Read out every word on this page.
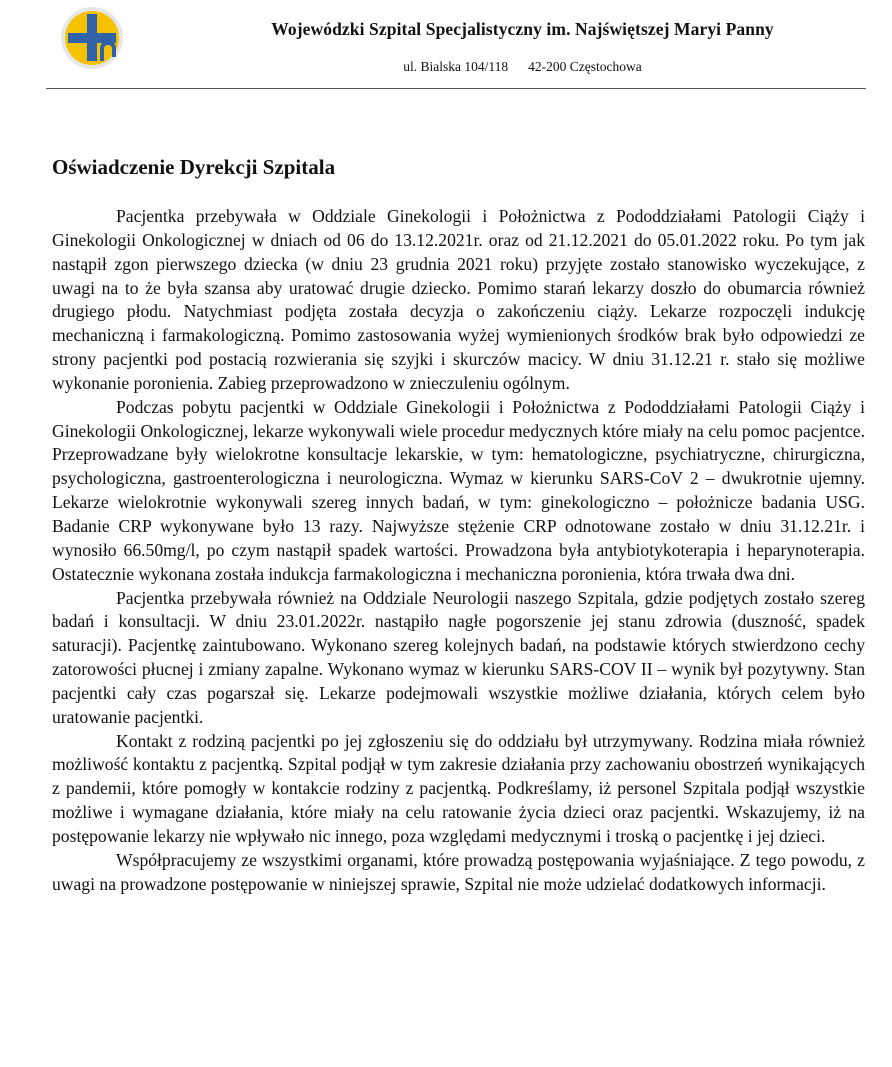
Wojewódzki Szpital Specjalistyczny im. Najświętszej Maryi Panny
ul. Bialska 104/118 42-200 Częstochowa
Oświadczenie Dyrekcji Szpitala

Pacjentka przebywała w Oddziale Ginekologii i Położnictwa z Pododdziałami Patologii Ciąży i Ginekologii Onkologicznej w dniach od 06 do 13.12.2021r. oraz od 21.12.2021 do 05.01.2022 roku. Po tym jak nastąpił zgon pierwszego dziecka (w dniu 23 grudnia 2021 roku) przyjęte zostało stanowisko wyczekujące, z uwagi na to że była szansa aby uratować drugie dziecko. Pomimo starań lekarzy doszło do obumarcia również drugiego płodu. Natychmiast podjęta została decyzja o zakończeniu ciąży. Lekarze rozpoczęli indukcję mechaniczną i farmakologiczną. Pomimo zastosowania wyżej wymienionych środków brak było odpowiedzi ze strony pacjentki pod postacią rozwierania się szyjki i skurczów macicy. W dniu 31.12.21 r. stało się możliwe wykonanie poronienia. Zabieg przeprowadzono w znieczuleniu ogólnym.

Podczas pobytu pacjentki w Oddziale Ginekologii i Położnictwa z Pododdziałami Patologii Ciąży i Ginekologii Onkologicznej, lekarze wykonywali wiele procedur medycznych które miały na celu pomoc pacjentce. Przeprowadzane były wielokrotne konsultacje lekarskie, w tym: hematologiczne, psychiatryczne, chirurgiczna, psychologiczna, gastroenterologiczna i neurologiczna. Wymaz w kierunku SARS-CoV 2 – dwukrotnie ujemny. Lekarze wielokrotnie wykonywali szereg innych badań, w tym: ginekologiczno – położnicze badania USG. Badanie CRP wykonywane było 13 razy. Najwyższe stężenie CRP odnotowane zostało w dniu 31.12.21r. i wynosiło 66.50mg/l, po czym nastąpił spadek wartości. Prowadzona była antybiotykoterapia i heparynoterapia. Ostatecznie wykonana została indukcja farmakologiczna i mechaniczna poronienia, która trwała dwa dni.

Pacjentka przebywała również na Oddziale Neurologii naszego Szpitala, gdzie podjętych zostało szereg badań i konsultacji. W dniu 23.01.2022r. nastąpiło nagłe pogorszenie jej stanu zdrowia (duszność, spadek saturacji). Pacjentkę zaintubowano. Wykonano szereg kolejnych badań, na podstawie których stwierdzono cechy zatorowości płucnej i zmiany zapalne. Wykonano wymaz w kierunku SARS-COV II – wynik był pozytywny. Stan pacjentki cały czas pogarszał się. Lekarze podejmowali wszystkie możliwe działania, których celem było uratowanie pacjentki.

Kontakt z rodziną pacjentki po jej zgłoszeniu się do oddziału był utrzymywany. Rodzina miała również możliwość kontaktu z pacjentką. Szpital podjął w tym zakresie działania przy zachowaniu obostrzeń wynikających z pandemii, które pomogły w kontakcie rodziny z pacjentką. Podkreślamy, iż personel Szpitala podjął wszystkie możliwe i wymagane działania, które miały na celu ratowanie życia dzieci oraz pacjentki. Wskazujemy, iż na postępowanie lekarzy nie wpływało nic innego, poza względami medycznymi i troską o pacjentkę i jej dzieci.

Współpracujemy ze wszystkimi organami, które prowadzą postępowania wyjaśniające. Z tego powodu, z uwagi na prowadzone postępowanie w niniejszej sprawie, Szpital nie może udzielać dodatkowych informacji.
